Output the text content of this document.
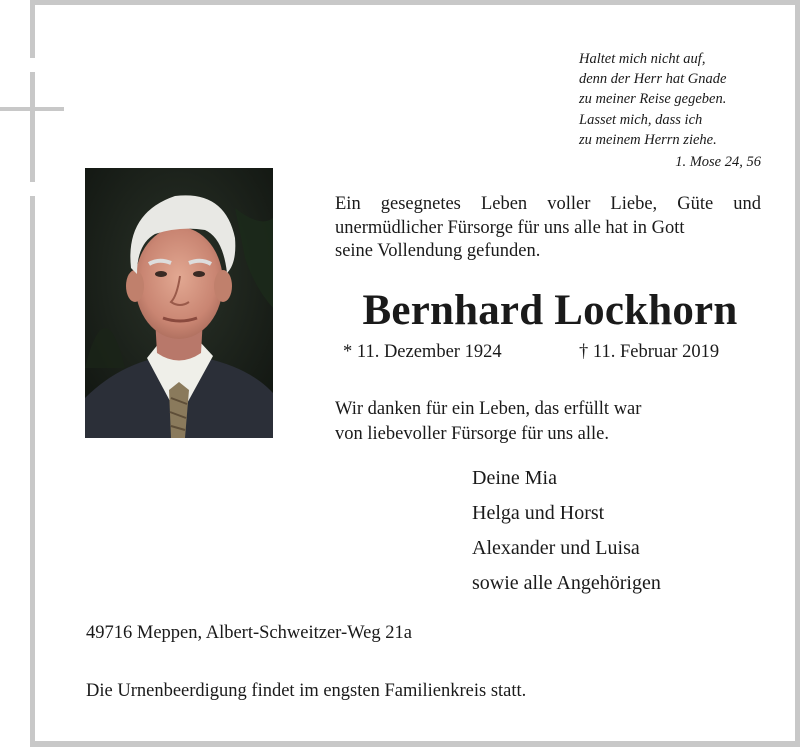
Haltet mich nicht auf,
denn der Herr hat Gnade
zu meiner Reise gegeben.
Lasset mich, dass ich
zu meinem Herrn ziehe.
1. Mose 24, 56
Ein gesegnetes Leben voller Liebe, Güte und unermüdlicher Fürsorge für uns alle hat in Gott
seine Vollendung gefunden.
Bernhard Lockhorn
* 11. Dezember 1924	† 11. Februar 2019
Wir danken für ein Leben, das erfüllt war
von liebevoller Fürsorge für uns alle.
Deine Mia
Helga und Horst
Alexander und Luisa
sowie alle Angehörigen
49716 Meppen, Albert-Schweitzer-Weg 21a
Die Urnenbeerdigung findet im engsten Familienkreis statt.
